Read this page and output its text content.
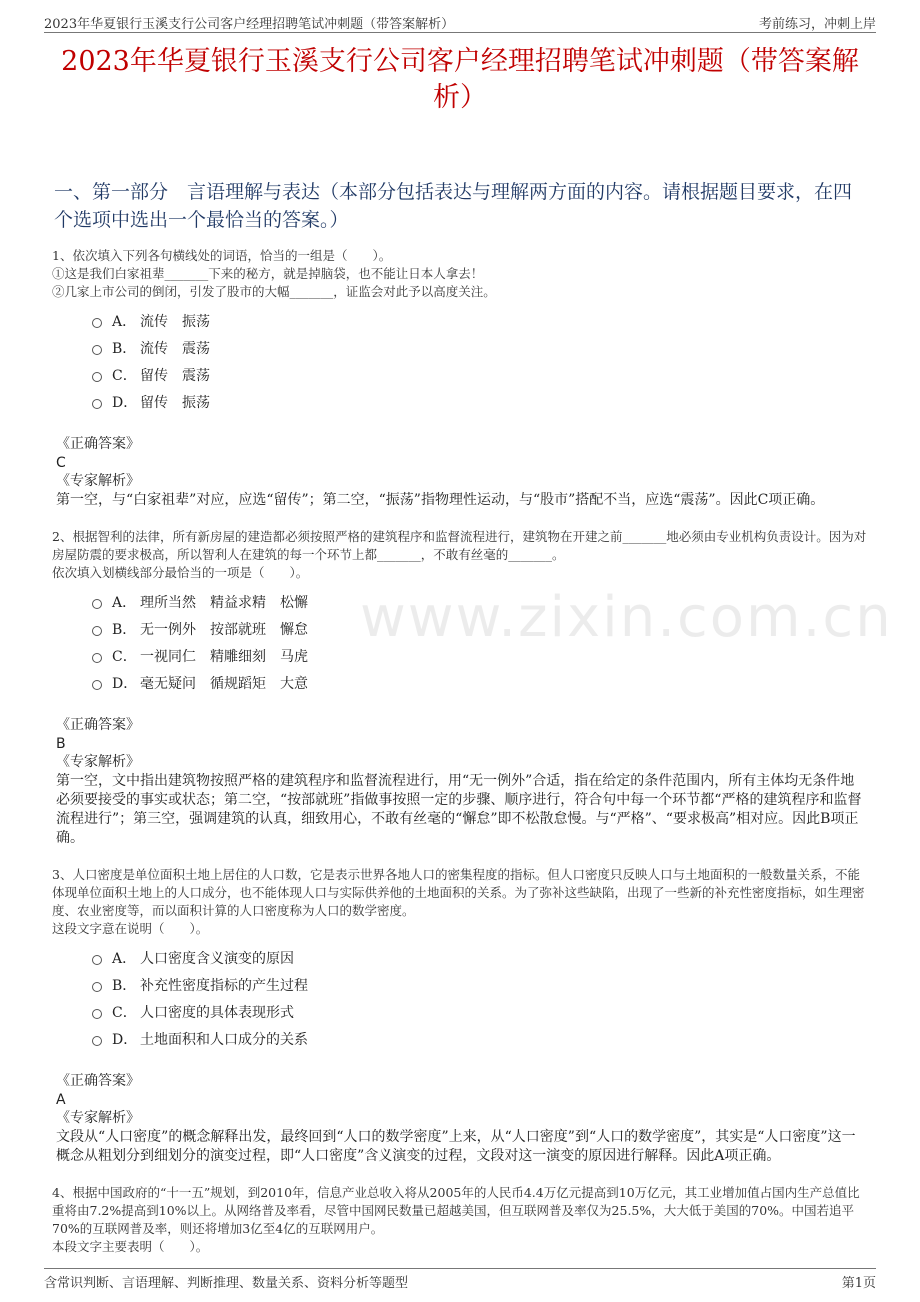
2023年华夏银行玉溪支行公司客户经理招聘笔试冲刺题（带答案解析）	考前练习，冲刺上岸
2023年华夏银行玉溪支行公司客户经理招聘笔试冲刺题（带答案解析）
一、第一部分　言语理解与表达（本部分包括表达与理解两方面的内容。请根据题目要求，在四个选项中选出一个最恰当的答案。）
www.zixin.com.cn
1、依次填入下列各句横线处的词语，恰当的一组是（　　）。
①这是我们白家祖辈_______下来的秘方，就是掉脑袋，也不能让日本人拿去！
②几家上市公司的倒闭，引发了股市的大幅_______，证监会对此予以高度关注。
A． 流传　振荡
B． 流传　震荡
C． 留传　震荡
D． 留传　振荡
《正确答案》
C
《专家解析》
第一空，与“白家祖辈”对应，应选“留传”；第二空，“振荡”指物理性运动，与“股市”搭配不当，应选“震荡”。因此C项正确。
2、根据智利的法律，所有新房屋的建造都必须按照严格的建筑程序和监督流程进行，建筑物在开建之前_______地必须由专业机构负责设计。因为对房屋防震的要求极高，所以智利人在建筑的每一个环节上都_______，不敢有丝毫的_______。
依次填入划横线部分最恰当的一项是（　　）。
A． 理所当然　精益求精　松懈
B． 无一例外　按部就班　懈怠
C． 一视同仁　精雕细刻　马虎
D． 毫无疑问　循规蹈矩　大意
《正确答案》
B
《专家解析》
第一空，文中指出建筑物按照严格的建筑程序和监督流程进行，用“无一例外”合适，指在给定的条件范围内，所有主体均无条件地必须要接受的事实或状态；第二空，“按部就班”指做事按照一定的步骤、顺序进行，符合句中每一个环节都“严格的建筑程序和监督流程进行”；第三空，强调建筑的认真，细致用心，不敢有丝毫的“懈怠”即不松散怠慢。与“严格”、“要求极高”相对应。因此B项正确。
3、人口密度是单位面积土地上居住的人口数，它是表示世界各地人口的密集程度的指标。但人口密度只反映人口与土地面积的一般数量关系，不能体现单位面积土地上的人口成分，也不能体现人口与实际供养他的土地面积的关系。为了弥补这些缺陷，出现了一些新的补充性密度指标，如生理密度、农业密度等，而以面积计算的人口密度称为人口的数学密度。
这段文字意在说明（　　）。
A． 人口密度含义演变的原因
B． 补充性密度指标的产生过程
C． 人口密度的具体表现形式
D． 土地面积和人口成分的关系
《正确答案》
A
《专家解析》
文段从“人口密度”的概念解释出发，最终回到“人口的数学密度”上来，从“人口密度”到“人口的数学密度”，其实是“人口密度”这一概念从粗划分到细划分的演变过程，即“人口密度”含义演变的过程，文段对这一演变的原因进行解释。因此A项正确。
4、根据中国政府的“十一五”规划，到2010年，信息产业总收入将从2005年的人民币4.4万亿元提高到10万亿元，其工业增加值占国内生产总值比重将由7.2%提高到10%以上。从网络普及率看，尽管中国网民数量已超越美国，但互联网普及率仅为25.5%，大大低于美国的70%。中国若追平70%的互联网普及率，则还将增加3亿至4亿的互联网用户。
本段文字主要表明（　　）。
含常识判断、言语理解、判断推理、数量关系、资料分析等题型	第1页
